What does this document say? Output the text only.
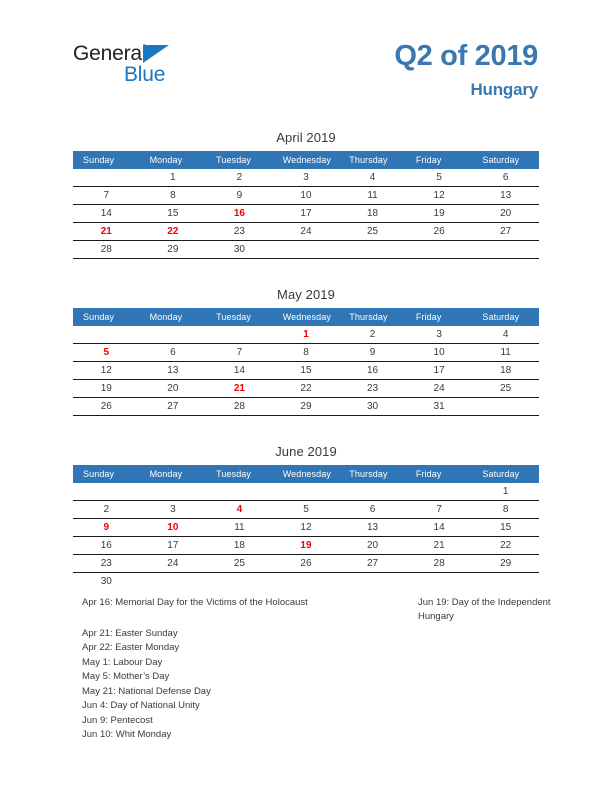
General
Blue
Q2 of 2019
Hungary
April 2019
Sunday	Monday	Tuesday	Wednesday	Thursday	Friday	Saturday
	1	2	3	4	5	6
7	8	9	10	11	12	13
14	15	16	17	18	19	20
21	22	23	24	25	26	27
28	29	30				
May 2019
Sunday	Monday	Tuesday	Wednesday	Thursday	Friday	Saturday
			1	2	3	4
5	6	7	8	9	10	11
12	13	14	15	16	17	18
19	20	21	22	23	24	25
26	27	28	29	30	31	
June 2019
Sunday	Monday	Tuesday	Wednesday	Thursday	Friday	Saturday
						1
2	3	4	5	6	7	8
9	10	11	12	13	14	15
16	17	18	19	20	21	22
23	24	25	26	27	28	29
30						
Apr 16: Memorial Day for the Victims of the Holocaust	Jun 19: Day of the Independent Hungary
Apr 21: Easter Sunday
Apr 22: Easter Monday
May 1: Labour Day
May 5: Mother’s Day
May 21: National Defense Day
Jun 4: Day of National Unity
Jun 9: Pentecost
Jun 10: Whit Monday
